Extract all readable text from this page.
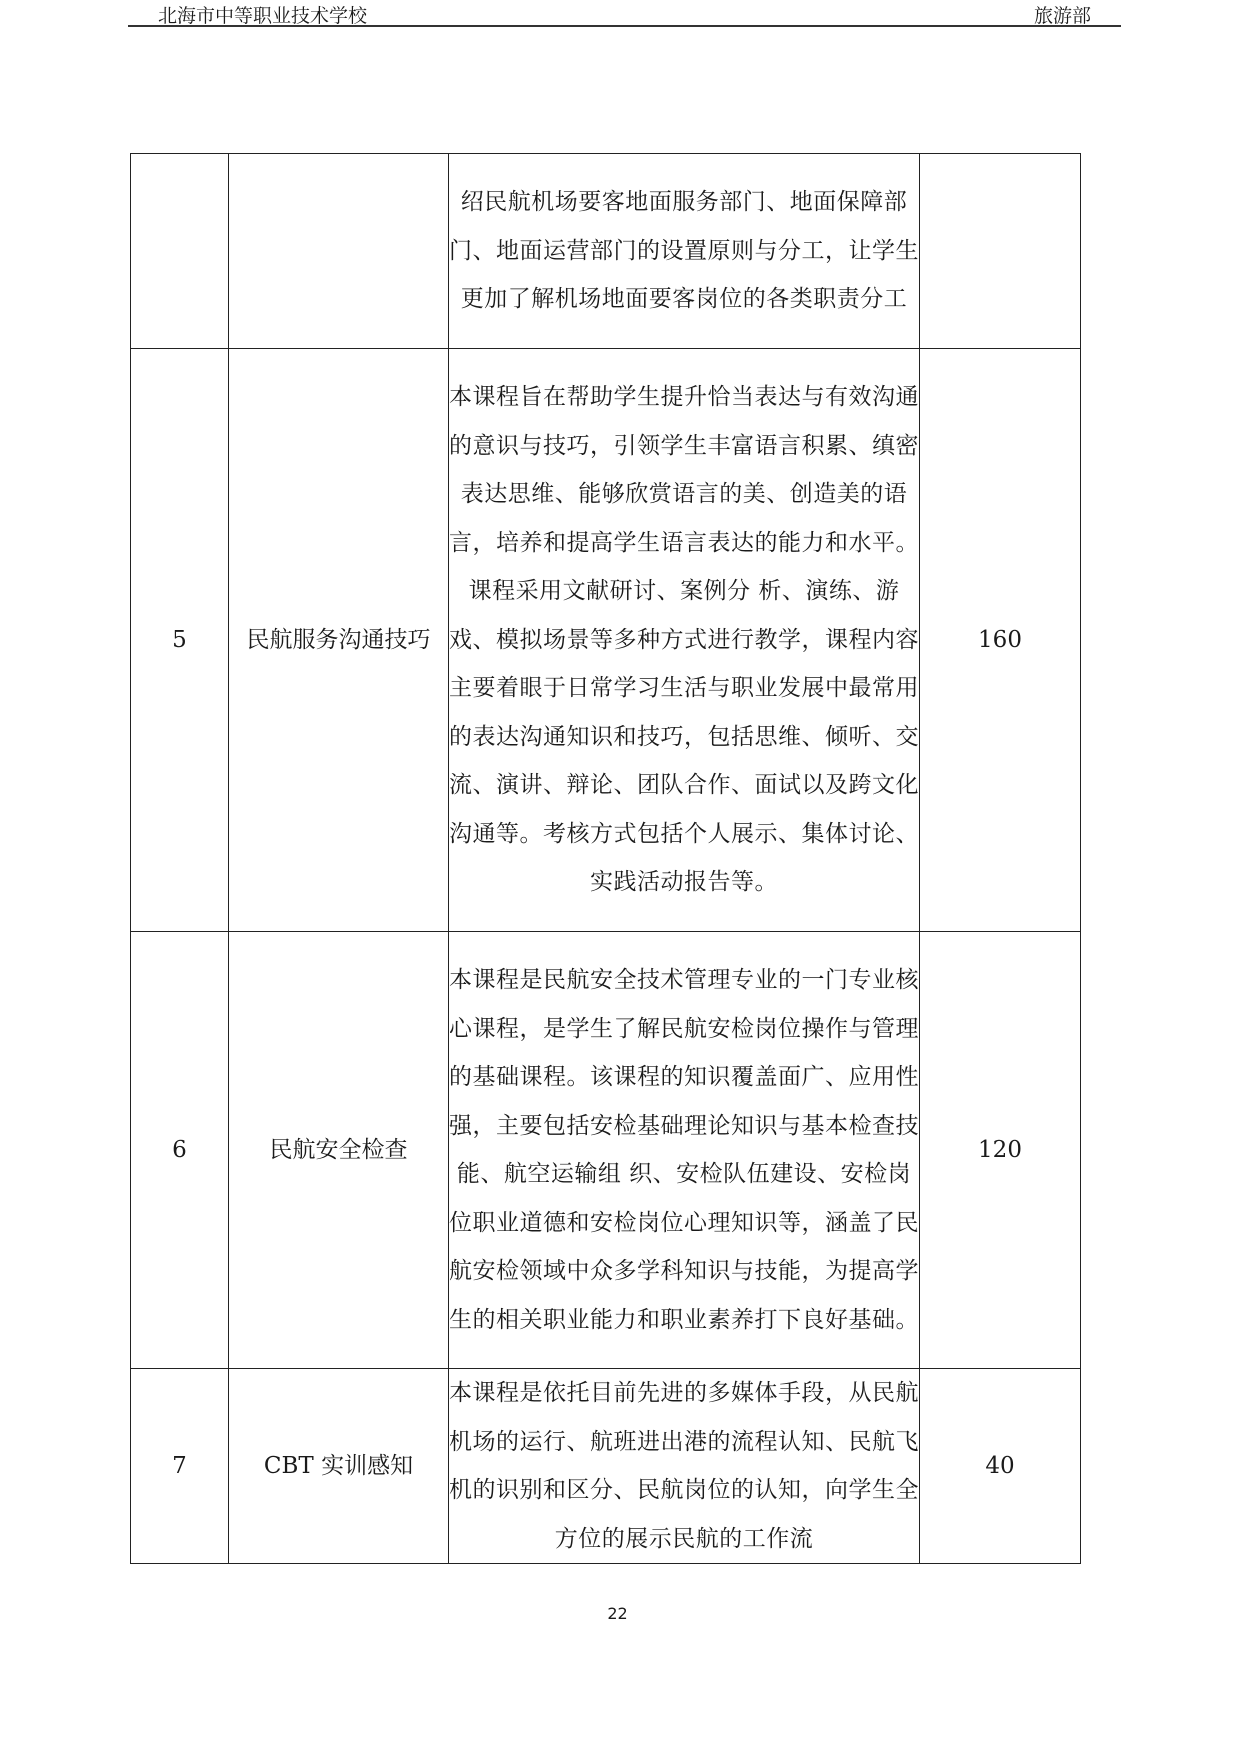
北海市中等职业技术学校	旅游部
		绍民航机场要客地面服务部门、地面保障部门、地面运营部门的设置原则与分工，让学生更加了解机场地面要客岗位的各类职责分工	
5	民航服务沟通技巧	本课程旨在帮助学生提升恰当表达与有效沟通的意识与技巧，引领学生丰富语言积累、缜密表达思维、能够欣赏语言的美、创造美的语言，培养和提高学生语言表达的能力和水平。课程采用文献研讨、案例分 析、演练、游戏、模拟场景等多种方式进行教学，课程内容主要着眼于日常学习生活与职业发展中最常用的表达沟通知识和技巧，包括思维、倾听、交流、演讲、辩论、团队合作、面试以及跨文化沟通等。考核方式包括个人展示、集体讨论、实践活动报告等。	160
6	民航安全检查	本课程是民航安全技术管理专业的一门专业核心课程，是学生了解民航安检岗位操作与管理的基础课程。该课程的知识覆盖面广、应用性强，主要包括安检基础理论知识与基本检查技能、航空运输组 织、安检队伍建设、安检岗位职业道德和安检岗位心理知识等，涵盖了民航安检领域中众多学科知识与技能，为提高学生的相关职业能力和职业素养打下良好基础。	120
7	CBT 实训感知	本课程是依托目前先进的多媒体手段，从民航机场的运行、航班进出港的流程认知、民航飞机的识别和区分、民航岗位的认知，向学生全方位的展示民航的工作流	40
22
